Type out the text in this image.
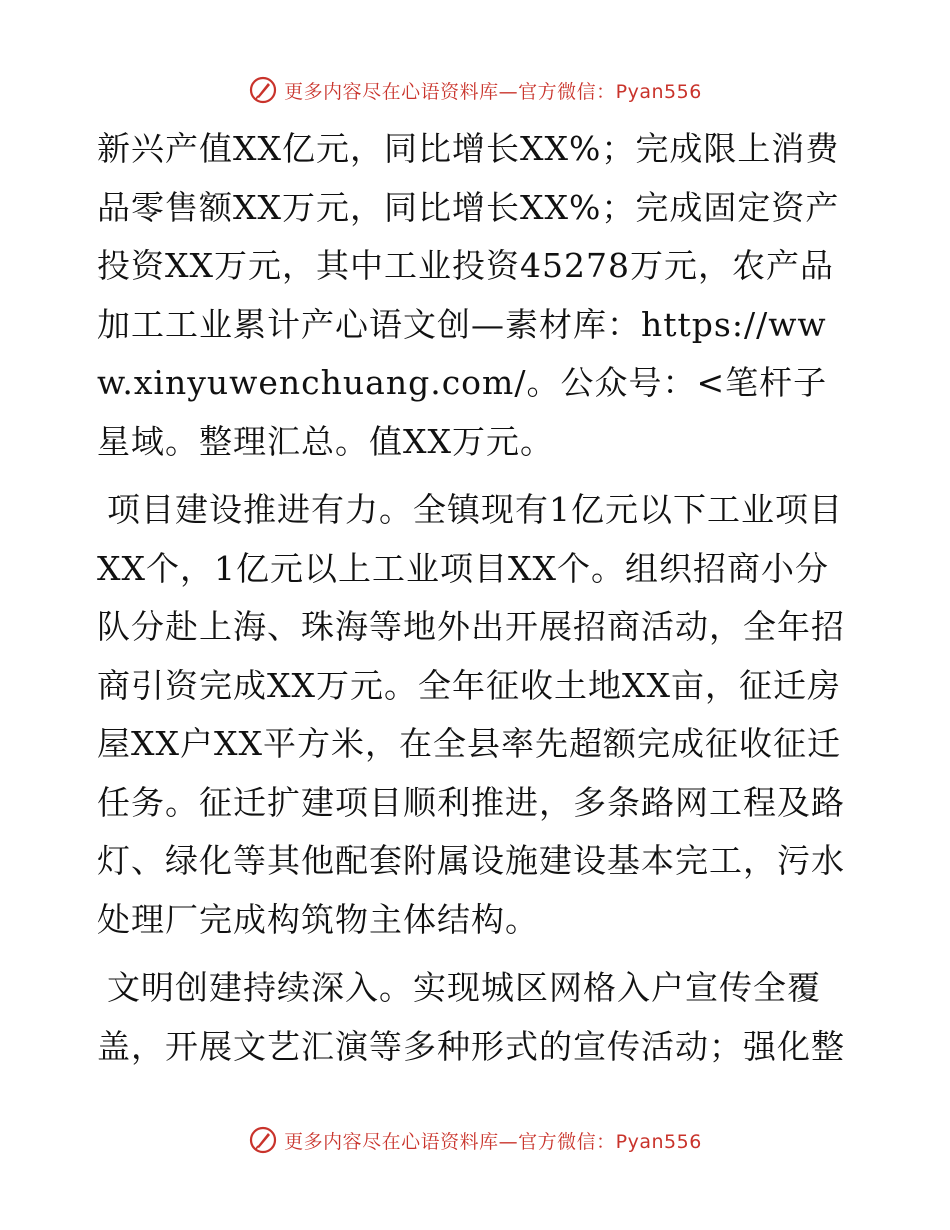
更多内容尽在心语资料库—官方微信：Pyan556

新兴产值XX亿元，同比增长XX%；完成限上消费品零售额XX万元，同比增长XX%；完成固定资产投资XX万元，其中工业投资45278万元，农产品加工工业累计产心语文创—素材库：https://www.xinyuwenchuang.com/。公众号：<笔杆子星域。整理汇总。值XX万元。

项目建设推进有力。全镇现有1亿元以下工业项目XX个，1亿元以上工业项目XX个。组织招商小分队分赴上海、珠海等地外出开展招商活动，全年招商引资完成XX万元。全年征收土地XX亩，征迁房屋XX户XX平方米，在全县率先超额完成征收征迁任务。征迁扩建项目顺利推进，多条路网工程及路灯、绿化等其他配套附属设施建设基本完工，污水处理厂完成构筑物主体结构。

文明创建持续深入。实现城区网格入户宣传全覆盖，开展文艺汇演等多种形式的宣传活动；强化整

更多内容尽在心语资料库—官方微信：Pyan556
